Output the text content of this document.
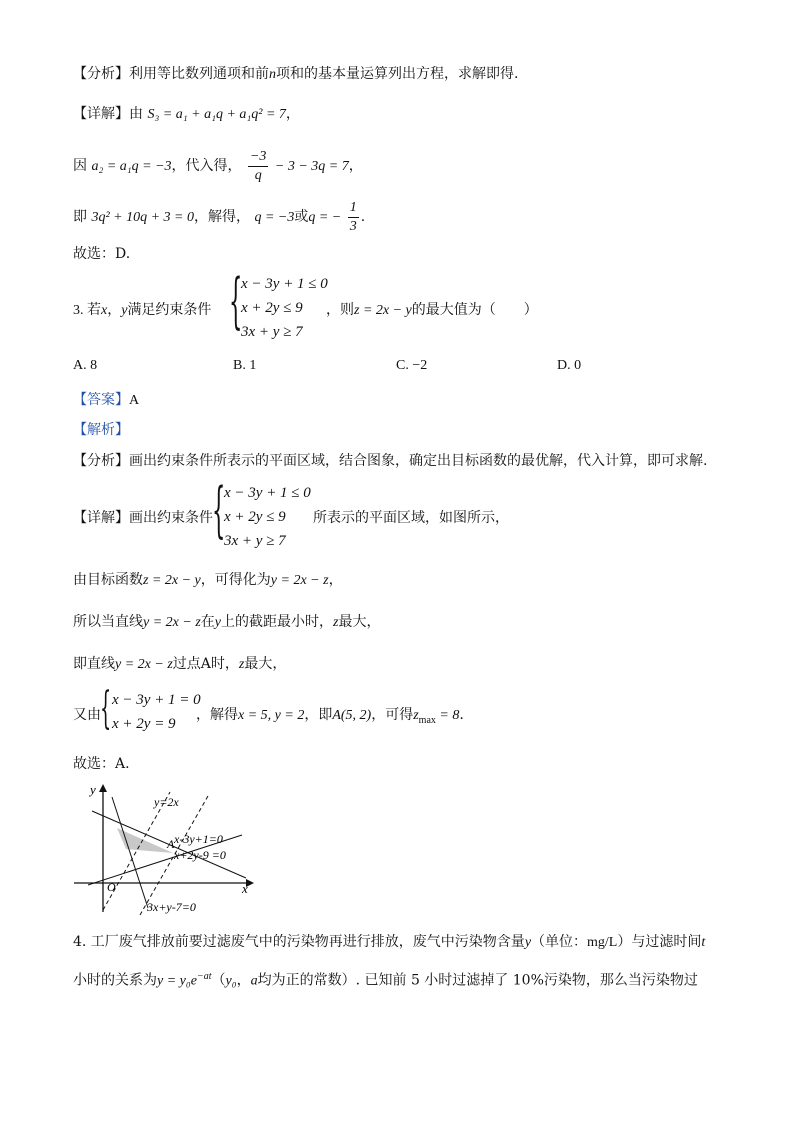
【分析】利用等比数列通项和前n项和的基本量运算列出方程，求解即得.
【详解】由 S₃ = a₁ + a₁q + a₁q² = 7，
因 a₂ = a₁q = −3，代入得， $\frac{-3}{q} - 3 - 3q = 7$，
即 3q² + 10q + 3 = 0，解得， q = −3或q = − $\frac{1}{3}$ .
故选：D.
3. 若x，y满足约束条件 {
x − 3y + 1 ≤ 0
x + 2y ≤ 9
3x + y ≥ 7
，则z = 2x − y的最大值为（　　）
A. 8	B. 1	C. −2	D. 0
【答案】A
【解析】
【分析】画出约束条件所表示的平面区域，结合图象，确定出目标函数的最优解，代入计算，即可求解.
【详解】画出约束条件 {
x − 3y + 1 ≤ 0
x + 2y ≤ 9
3x + y ≥ 7
所表示的平面区域，如图所示，
由目标函数z = 2x − y，可得化为y = 2x − z，
所以当直线y = 2x − z在y上的截距最小时，z最大，
即直线y = 2x − z过点A时，z最大，
又由 { x − 3y + 1 = 0
x + 2y = 9
，解得x = 5, y = 2，即A(5, 2)，可得$z_{max} = 8$.
故选：A.
y
x
O
A
y=2x
x-3y+1=0
x+2y-9 =0
3x+y-7=0
4. 工厂废气排放前要过滤废气中的污染物再进行排放，废气中污染物含量y（单位：mg/L）与过滤时间t
小时的关系为$y = y_0e^{-at}(y_0$，a均为正的常数）. 已知前 5 小时过滤掉了 10%污染物，那么当污染物过
